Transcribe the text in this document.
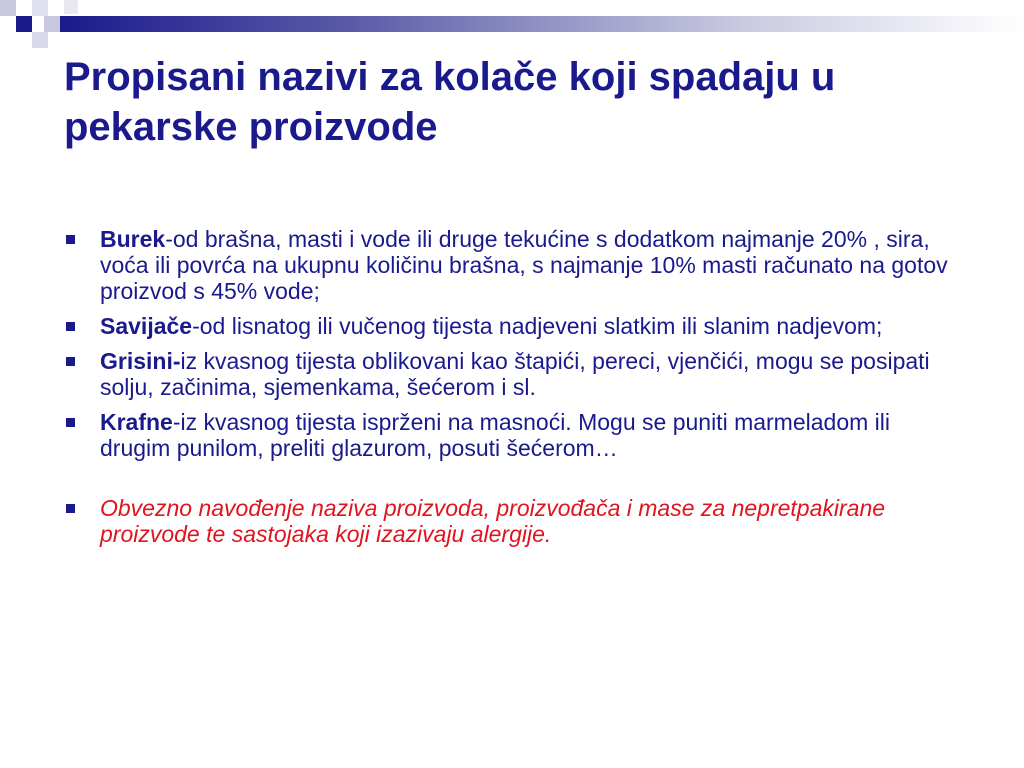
Propisani nazivi za kolače koji spadaju u pekarske proizvode
Burek-od brašna, masti i vode ili druge tekućine s dodatkom najmanje 20% , sira, voća ili povrća na ukupnu količinu brašna, s najmanje 10% masti računato na gotov proizvod s 45% vode;
Savijače-od lisnatog ili vučenog tijesta nadjeveni slatkim ili slanim nadjevom;
Grisini-iz kvasnog tijesta oblikovani kao štapići, pereci, vjenčići, mogu se posipati solju, začinima, sjemenkama, šećerom i sl.
Krafne-iz kvasnog tijesta isprženi na masnoći. Mogu se puniti marmeladom ili drugim punilom, preliti glazurom, posuti šećerom…
Obvezno navođenje naziva proizvoda, proizvođača i mase za nepretpakirane proizvode te sastojaka koji izazivaju alergije.
